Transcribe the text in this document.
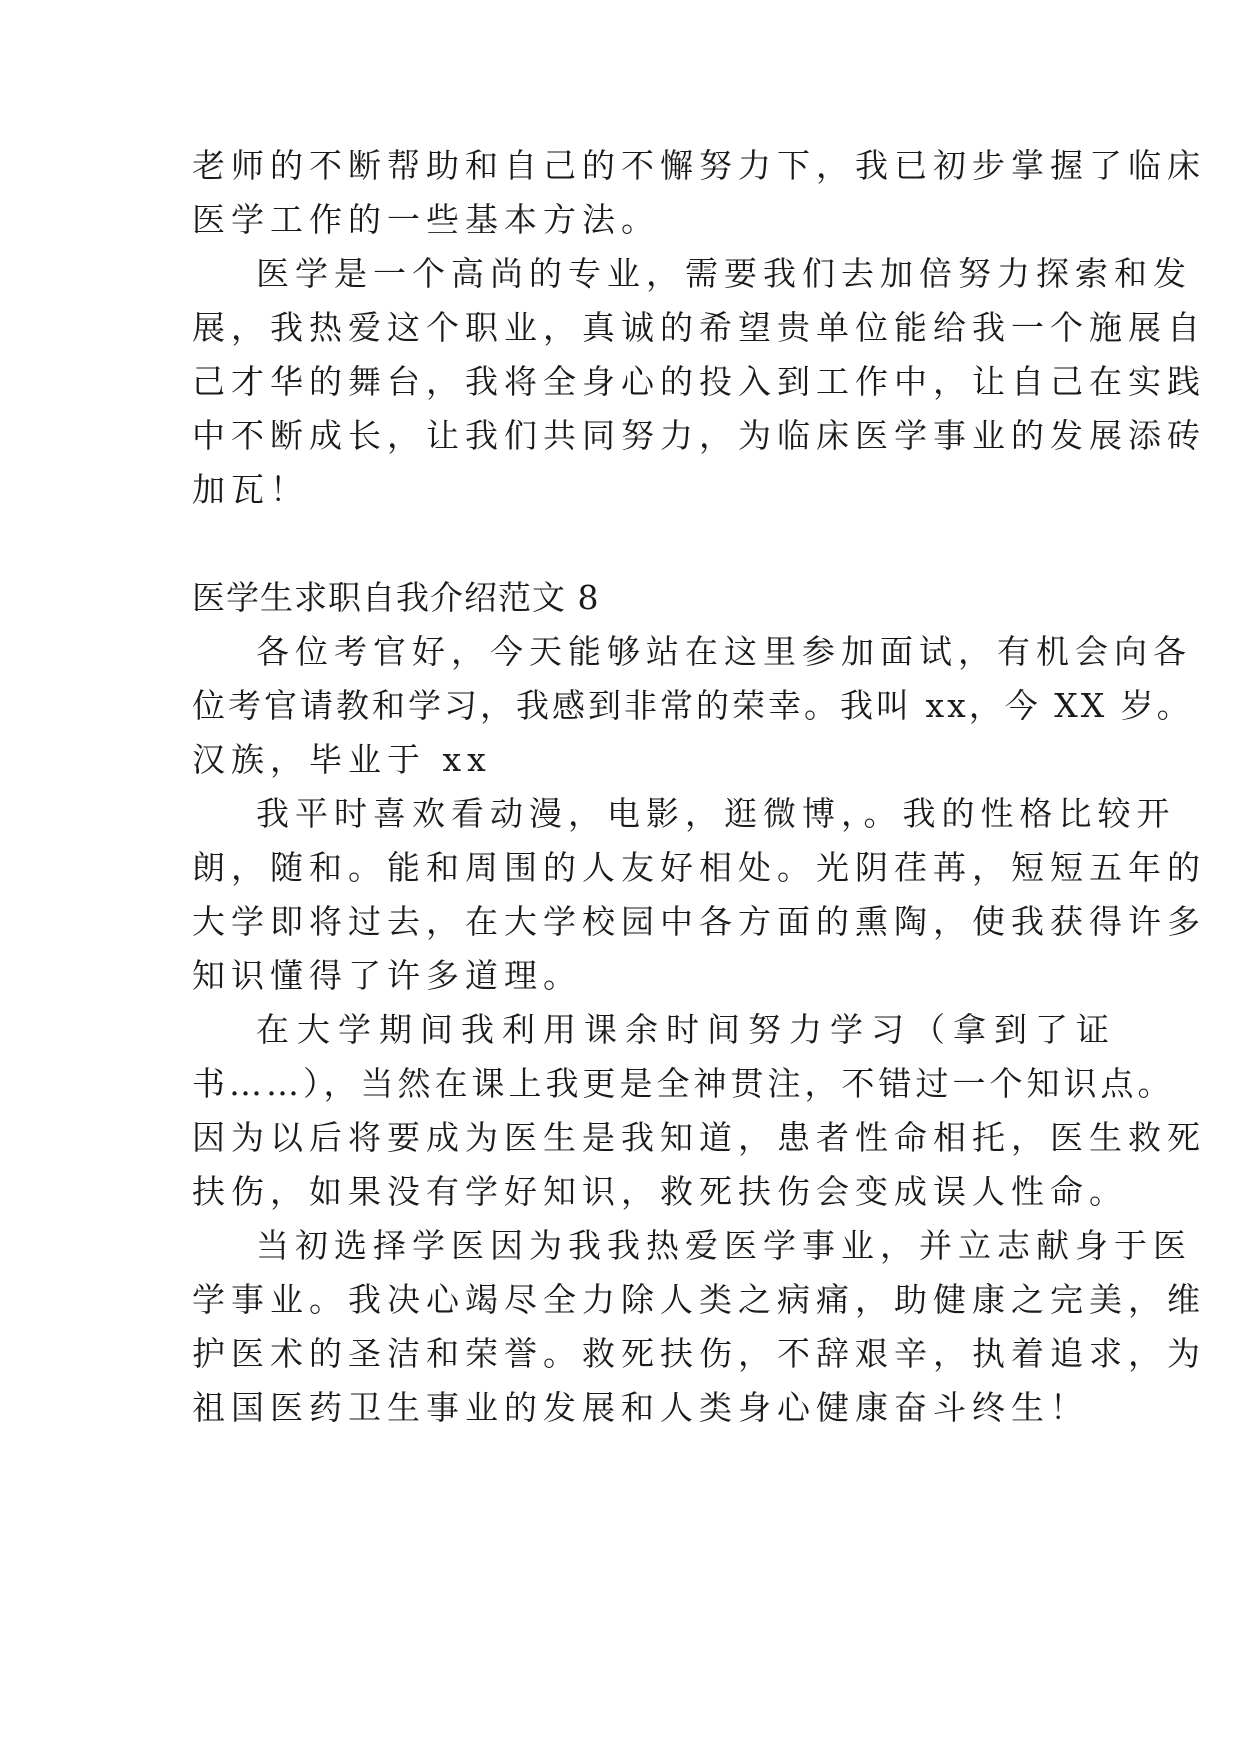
老师的不断帮助和自己的不懈努力下，我已初步掌握了临床
医学工作的一些基本方法。
医学是一个高尚的专业，需要我们去加倍努力探索和发
展，我热爱这个职业，真诚的希望贵单位能给我一个施展自
己才华的舞台，我将全身心的投入到工作中，让自己在实践
中不断成长，让我们共同努力，为临床医学事业的发展添砖
加瓦！
医学生求职自我介绍范文 8
各位考官好，今天能够站在这里参加面试，有机会向各
位考官请教和学习，我感到非常的荣幸。我叫 xx，今 XX 岁。
汉族，毕业于 xx
我平时喜欢看动漫，电影，逛微博，。我的性格比较开
朗，随和。能和周围的人友好相处。光阴荏苒，短短五年的
大学即将过去，在大学校园中各方面的熏陶，使我获得许多
知识懂得了许多道理。
在大学期间我利用课余时间努力学习（拿到了证
书……），当然在课上我更是全神贯注，不错过一个知识点。
因为以后将要成为医生是我知道，患者性命相托，医生救死
扶伤，如果没有学好知识，救死扶伤会变成误人性命。
当初选择学医因为我我热爱医学事业，并立志献身于医
学事业。我决心竭尽全力除人类之病痛，助健康之完美，维
护医术的圣洁和荣誉。救死扶伤，不辞艰辛，执着追求，为
祖国医药卫生事业的发展和人类身心健康奋斗终生！
